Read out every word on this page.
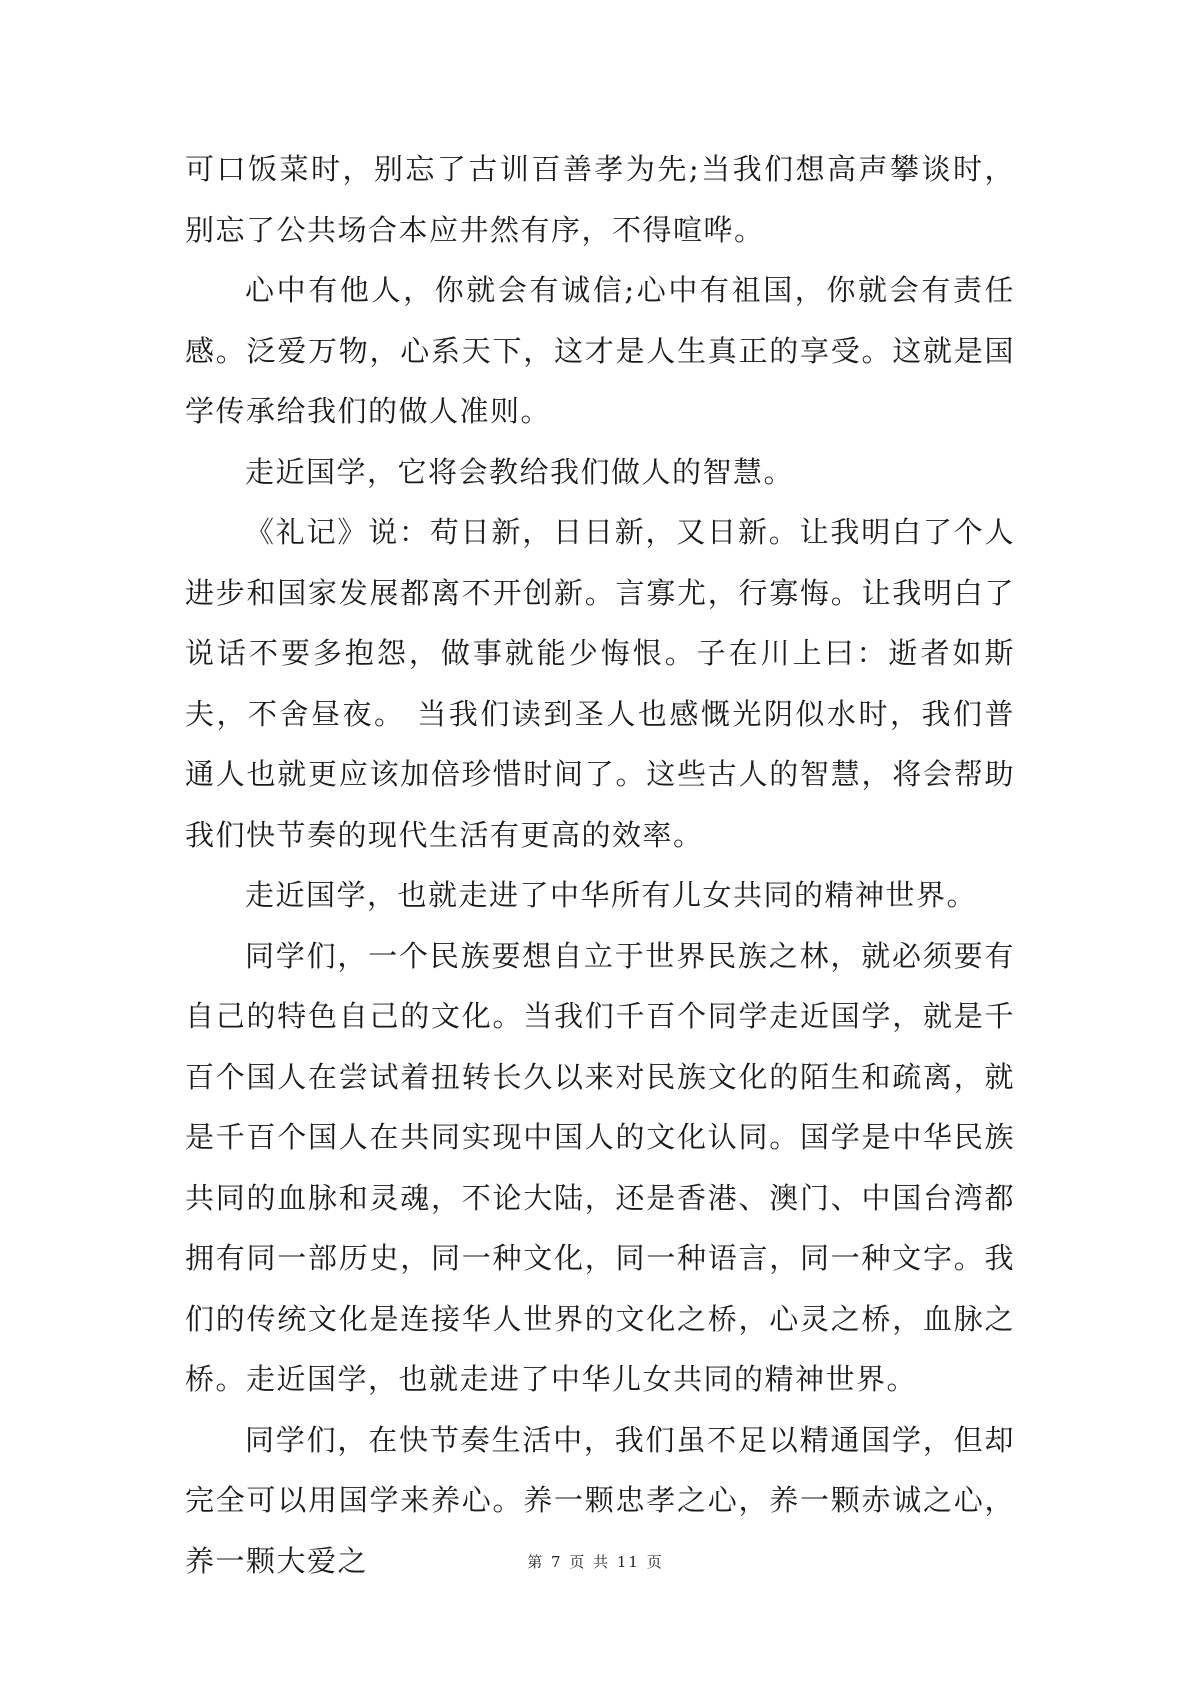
可口饭菜时，别忘了古训百善孝为先;当我们想高声攀谈时，别忘了公共场合本应井然有序，不得喧哗。

心中有他人，你就会有诚信;心中有祖国，你就会有责任感。泛爱万物，心系天下，这才是人生真正的享受。这就是国学传承给我们的做人准则。

走近国学，它将会教给我们做人的智慧。

《礼记》说：苟日新，日日新，又日新。让我明白了个人进步和国家发展都离不开创新。言寡尤，行寡悔。让我明白了说话不要多抱怨，做事就能少悔恨。子在川上曰：逝者如斯夫，不舍昼夜。 当我们读到圣人也感慨光阴似水时，我们普通人也就更应该加倍珍惜时间了。这些古人的智慧，将会帮助我们快节奏的现代生活有更高的效率。

走近国学，也就走进了中华所有儿女共同的精神世界。

同学们，一个民族要想自立于世界民族之林，就必须要有自己的特色自己的文化。当我们千百个同学走近国学，就是千百个国人在尝试着扭转长久以来对民族文化的陌生和疏离，就是千百个国人在共同实现中国人的文化认同。国学是中华民族共同的血脉和灵魂，不论大陆，还是香港、澳门、中国台湾都拥有同一部历史，同一种文化，同一种语言，同一种文字。我们的传统文化是连接华人世界的文化之桥，心灵之桥，血脉之桥。走近国学，也就走进了中华儿女共同的精神世界。

同学们，在快节奏生活中，我们虽不足以精通国学，但却完全可以用国学来养心。养一颗忠孝之心，养一颗赤诚之心，养一颗大爱之	第 7 页 共 11 页
